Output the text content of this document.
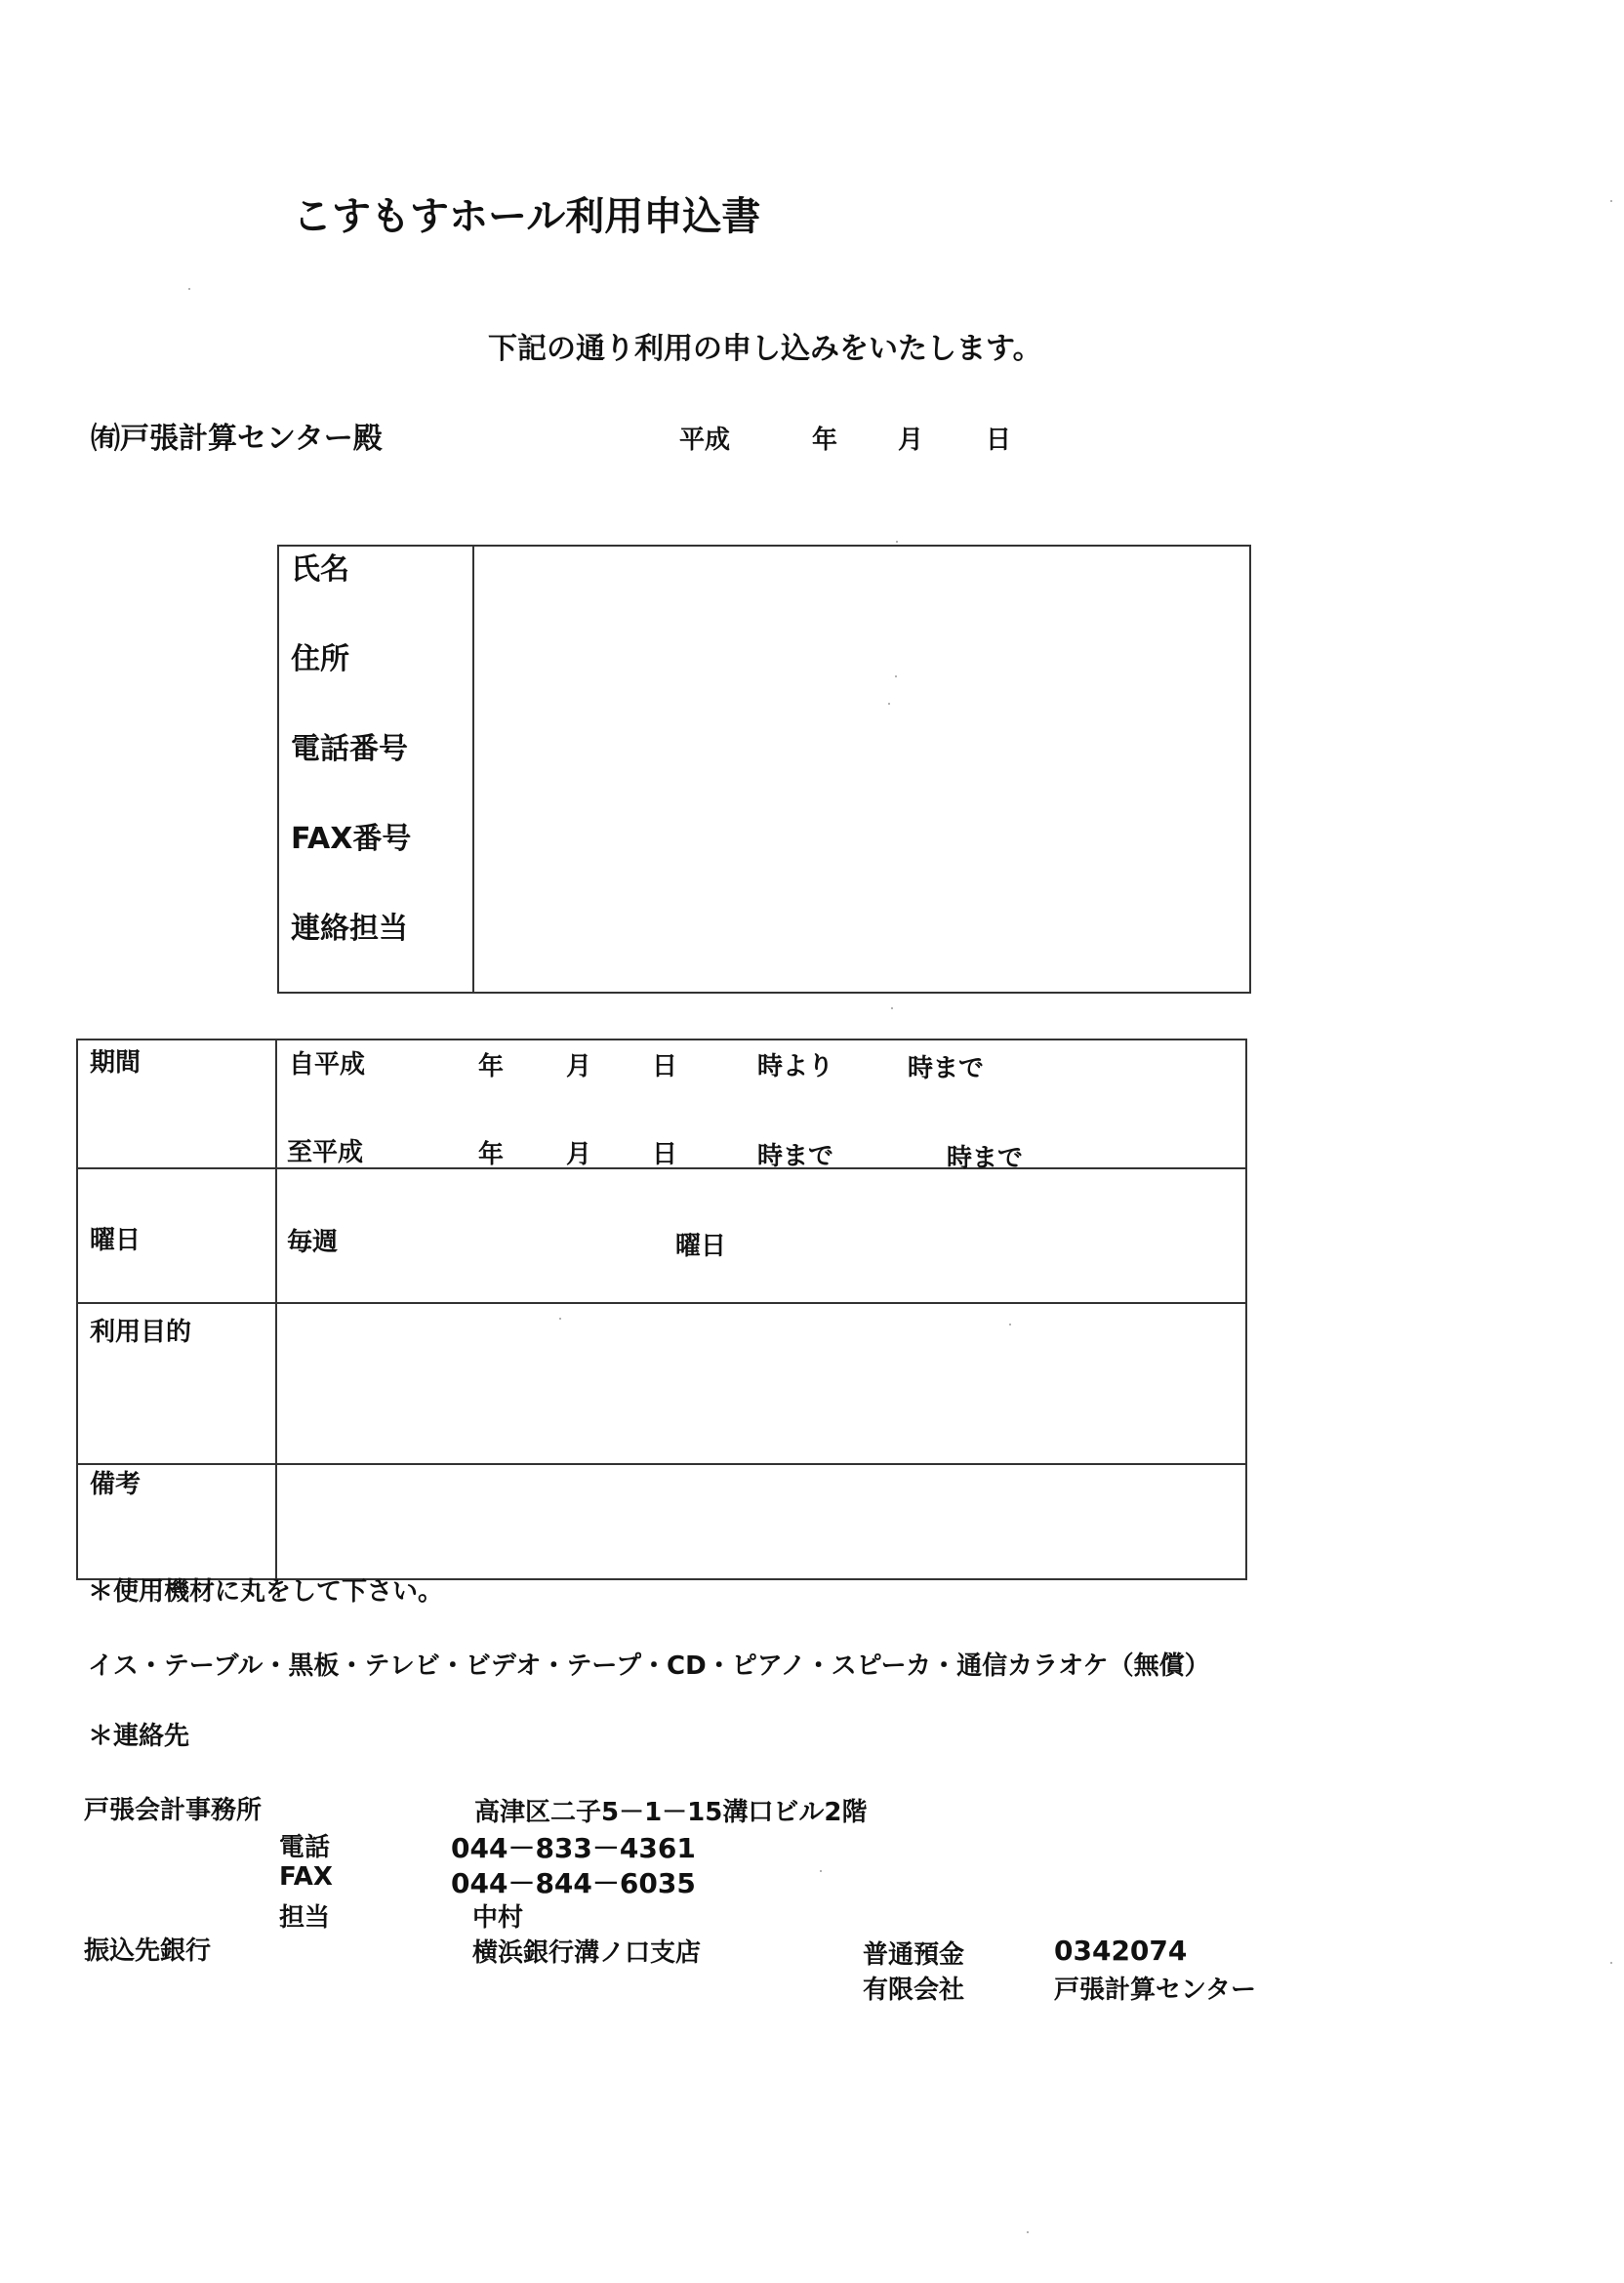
こすもすホール利用申込書
下記の通り利用の申し込みをいたします。
㈲戸張計算センター殿	平成	年 月 日
氏名
住所
電話番号
FAX番号
連絡担当
期間	自平成	年 月 日	時より	時まで
至平成	年 月 日	時まで	時まで
曜日	毎週	曜日
利用目的
備考
＊使用機材に丸をして下さい。
イス・テーブル・黒板・テレビ・ビデオ・テープ・CD・ピアノ・スピーカ・通信カラオケ（無償）
＊連絡先
戸張会計事務所	高津区二子5－1－15溝口ビル2階
電話	044－833－4361
FAX	044－844－6035
担当	中村
振込先銀行	横浜銀行溝ノ口支店	普通預金	0342074
有限会社	戸張計算センター
